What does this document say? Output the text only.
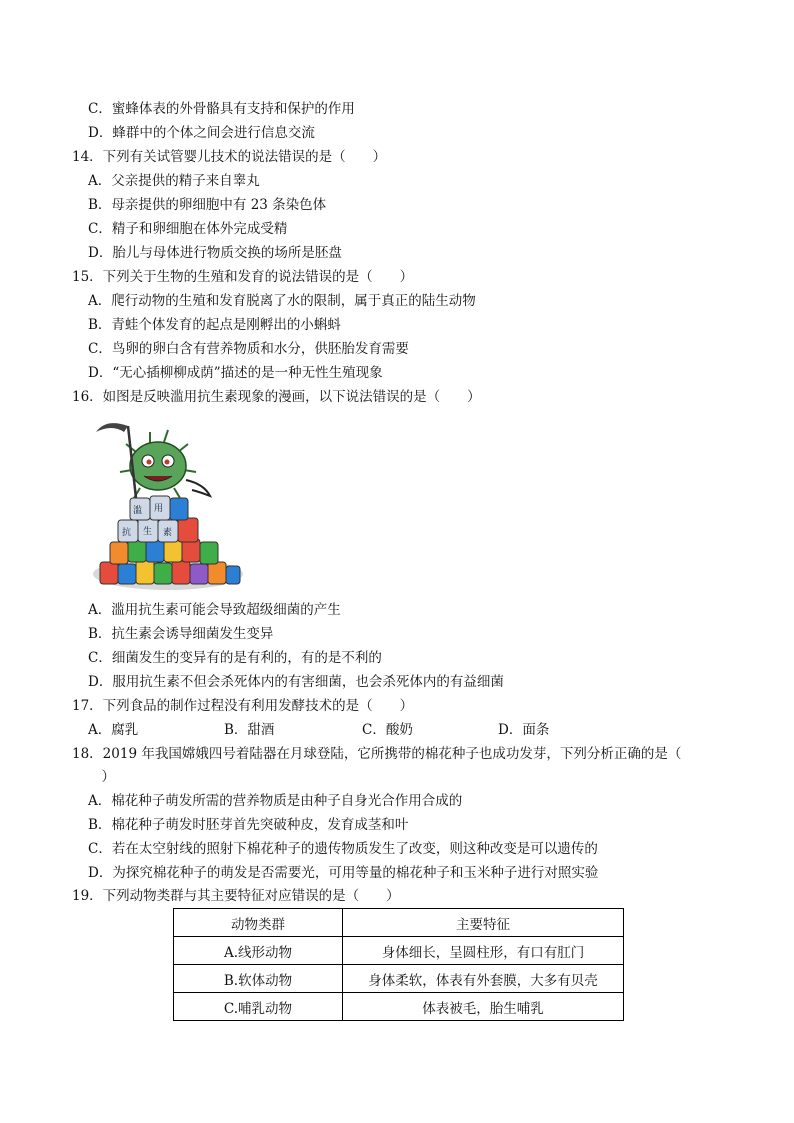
C．蜜蜂体表的外骨骼具有支持和保护的作用
D．蜂群中的个体之间会进行信息交流
14．下列有关试管婴儿技术的说法错误的是（　　）
A．父亲提供的精子来自睾丸
B．母亲提供的卵细胞中有 23 条染色体
C．精子和卵细胞在体外完成受精
D．胎儿与母体进行物质交换的场所是胚盘
15．下列关于生物的生殖和发育的说法错误的是（　　）
A．爬行动物的生殖和发育脱离了水的限制，属于真正的陆生动物
B．青蛙个体发育的起点是刚孵出的小蝌蚪
C．鸟卵的卵白含有营养物质和水分，供胚胎发育需要
D．“无心插柳柳成荫”描述的是一种无性生殖现象
16．如图是反映滥用抗生素现象的漫画，以下说法错误的是（　　）
滥 用
抗 生 素
A．滥用抗生素可能会导致超级细菌的产生
B．抗生素会诱导细菌发生变异
C．细菌发生的变异有的是有利的，有的是不利的
D．服用抗生素不但会杀死体内的有害细菌，也会杀死体内的有益细菌
17．下列食品的制作过程没有利用发酵技术的是（　　）
A．腐乳	B．甜酒	C．酸奶	D．面条
18．2019 年我国嫦娥四号着陆器在月球登陆，它所携带的棉花种子也成功发芽，下列分析正确的是（
　）
A．棉花种子萌发所需的营养物质是由种子自身光合作用合成的
B．棉花种子萌发时胚芽首先突破种皮，发育成茎和叶
C．若在太空射线的照射下棉花种子的遗传物质发生了改变，则这种改变是可以遗传的
D．为探究棉花种子的萌发是否需要光，可用等量的棉花种子和玉米种子进行对照实验
19．下列动物类群与其主要特征对应错误的是（　　）
动物类群	主要特征
A.线形动物	身体细长，呈圆柱形，有口有肛门
B.软体动物	身体柔软，体表有外套膜，大多有贝壳
C.哺乳动物	体表被毛，胎生哺乳
